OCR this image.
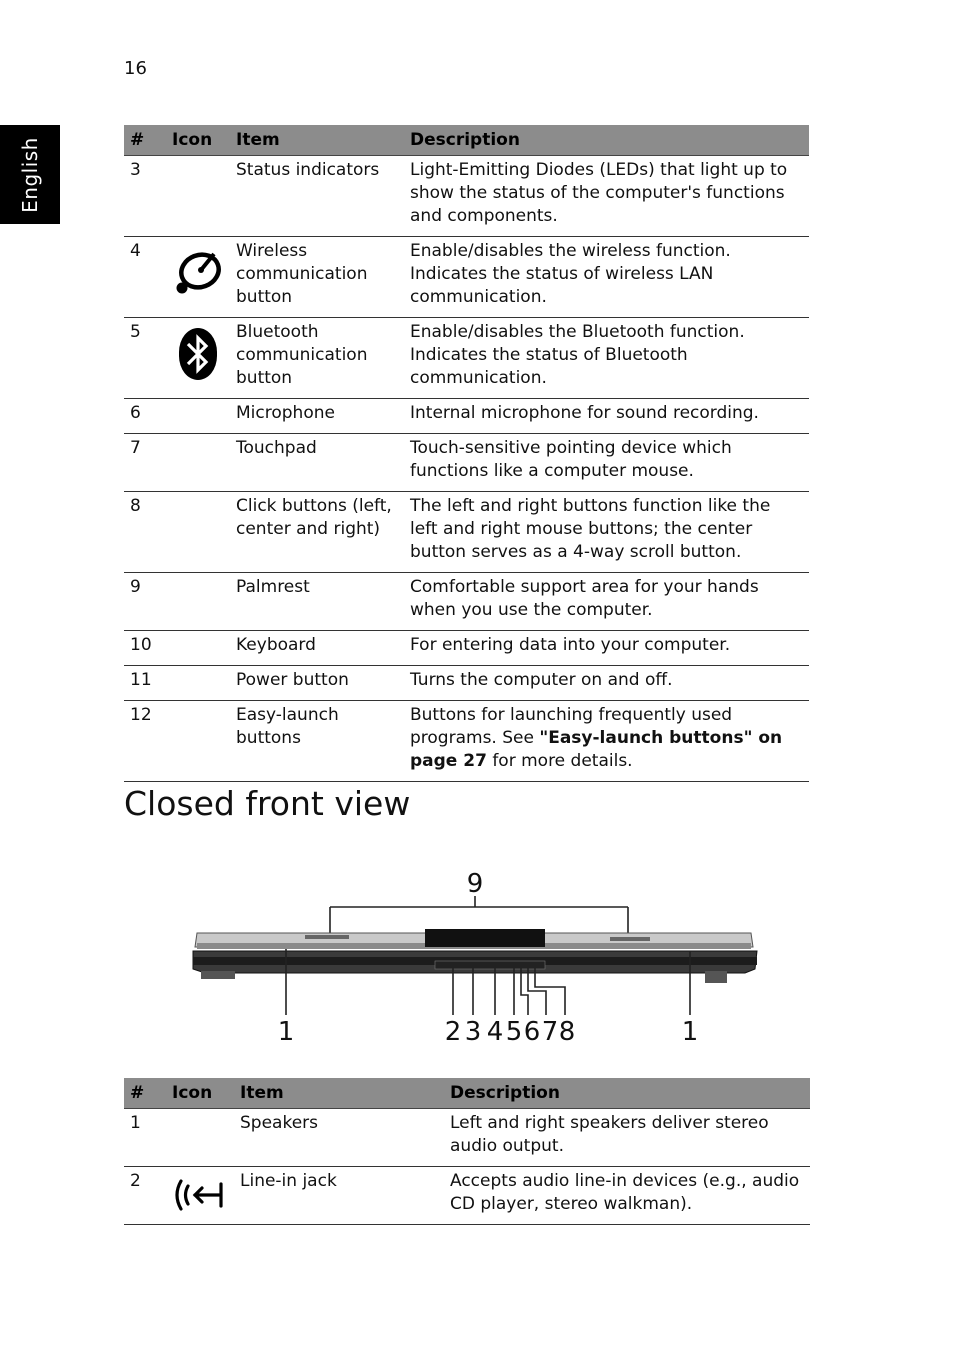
16
English	#	Icon	Item	Description
3		Status indicators	Light-Emitting Diodes (LEDs) that light up to show the status of the computer's functions and components.
4		Wireless communication button	Enable/disables the wireless function. Indicates the status of wireless LAN communication.
5		Bluetooth communication button	Enable/disables the Bluetooth function. Indicates the status of Bluetooth communication.
6		Microphone	Internal microphone for sound recording.
7		Touchpad	Touch-sensitive pointing device which functions like a computer mouse.
8		Click buttons (left, center and right)	The left and right buttons function like the left and right mouse buttons; the center button serves as a 4-way scroll button.
9		Palmrest	Comfortable support area for your hands when you use the computer.
10		Keyboard	For entering data into your computer.
11		Power button	Turns the computer on and off.
12		Easy-launch buttons	Buttons for launching frequently used programs. See "Easy-launch buttons" on page 27 for more details.
Closed front view
9
1	1
2 3 4 5 6 7 8
#	Icon	Item	Description
1		Speakers	Left and right speakers deliver stereo audio output.
2		Line-in jack	Accepts audio line-in devices (e.g., audio CD player, stereo walkman).
